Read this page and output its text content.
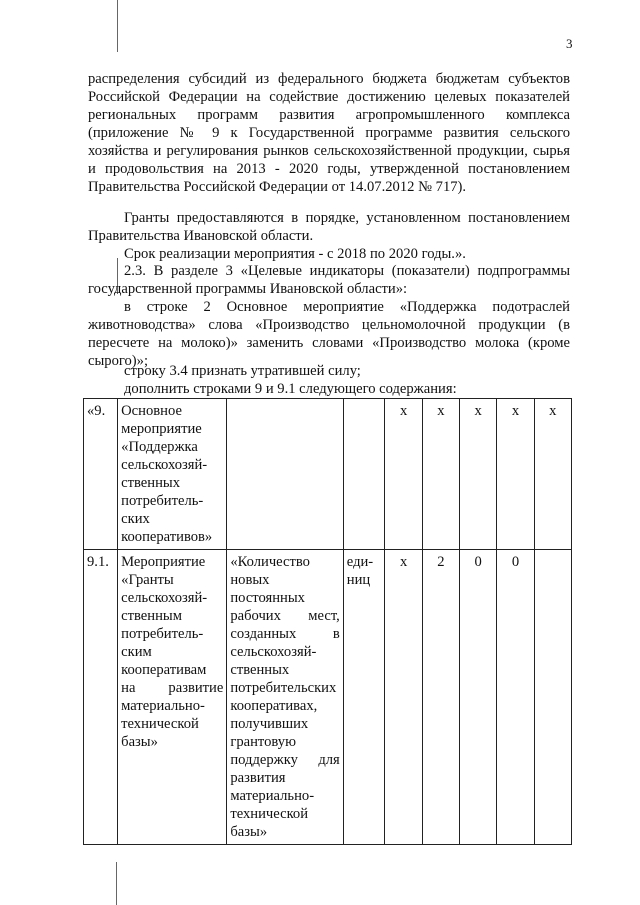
3

распределения субсидий из федерального бюджета бюджетам субъектов Российской Федерации на содействие достижению целевых показателей региональных программ развития агропромышленного комплекса (приложение № 9 к Государственной программе развития сельского хозяйства и регулирования рынков сельскохозяйственной продукции, сырья и продовольствия на 2013 - 2020 годы, утвержденной постановлением Правительства Российской Федерации от 14.07.2012 № 717).

Гранты предоставляются в порядке, установленном постановлением Правительства Ивановской области.

Срок реализации мероприятия - с 2018 по 2020 годы.».

2.3. В разделе 3 «Целевые индикаторы (показатели) подпрограммы государственной программы Ивановской области»:

в строке 2 Основное мероприятие «Поддержка подотраслей животноводства» слова «Производство цельномолочной продукции (в пересчете на молоко)» заменить словами «Производство молока (кроме сырого)»;

строку 3.4 признать утратившей силу;

дополнить строками 9 и 9.1 следующего содержания:

«9.	Основное мероприятие «Поддержка сельскохозяй-ственных потребитель-ских кооперативов»			х	х	х	х	х
9.1.	Мероприятие «Гранты сельскохозяй-ственным потребитель-ским кооперативам на развитие материально-технической базы»	«Количество новых постоянных рабочих мест, созданных в сельскохозяй-ственных потребительских кооперативах, получивших грантовую поддержку для развития материально-технической базы»	еди-ниц	х	2	0	0	
